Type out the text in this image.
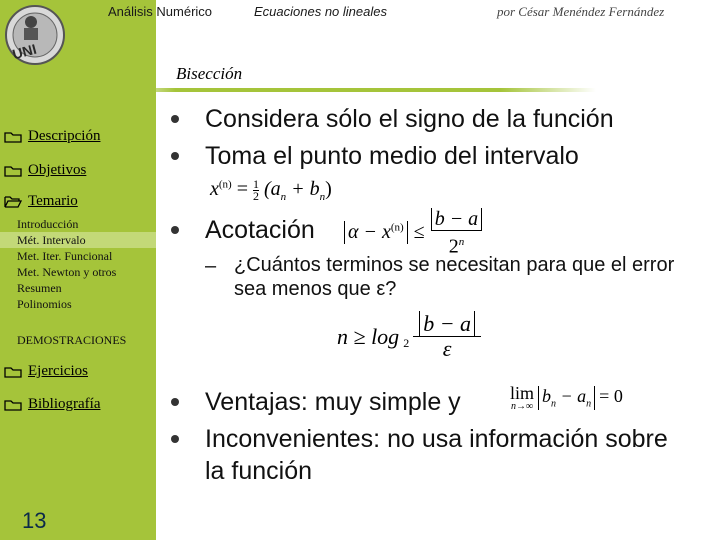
UNI
Análisis Numérico	Ecuaciones no lineales	por César Menéndez Fernández
Bisección
Descripción
Objetivos
Temario
Introducción
Mét. Intervalo
Met. Iter. Funcional
Met. Newton y otros
Resumen
Polinomios
DEMOSTRACIONES
Ejercicios
Bibliografía
13
Considera sólo el signo de la función
Toma el punto medio del intervalo
$x^{(n)} = \frac{1}{2} (a_n + b_n)$
Acotación $\alpha - x^{(n)} \le \frac{b - a}{2^n}$
– ¿Cuántos terminos se necesitan para que el error sea menos que ε?
n ≥ log $_2$
b − a
ε
Ventajas: muy simple y	lim
n→∞
$b_n - a_n = 0$
Inconvenientes: no usa información sobre la función
